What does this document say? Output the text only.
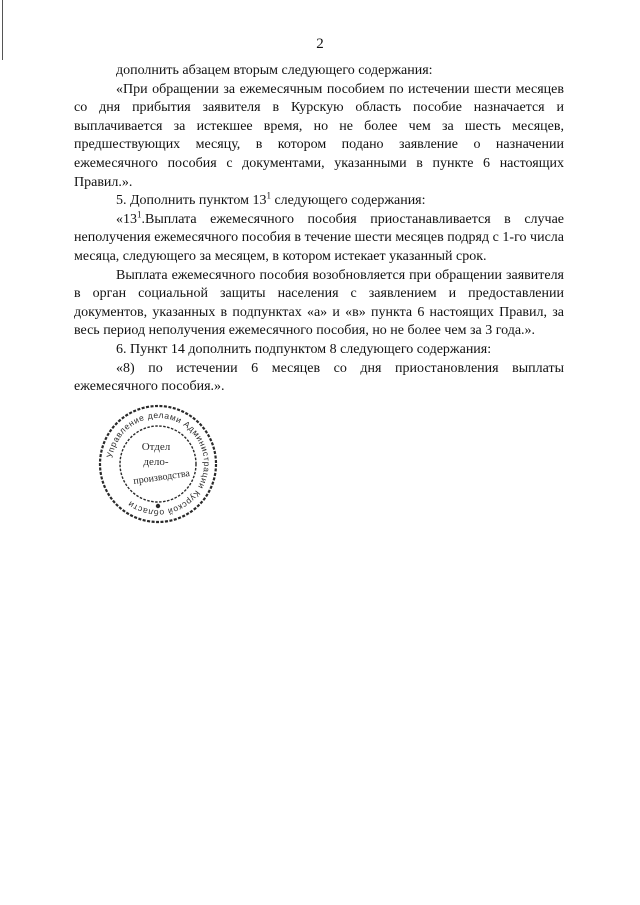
2

дополнить абзацем вторым следующего содержания:

«При обращении за ежемесячным пособием по истечении шести месяцев со дня прибытия заявителя в Курскую область пособие назначается и выплачивается за истекшее время, но не более чем за шесть месяцев, предшествующих месяцу, в котором подано заявление о назначении ежемесячного пособия с документами, указанными в пункте 6 настоящих Правил.».

5. Дополнить пунктом $13^1$ следующего содержания:

«$13^1.Выплата$ ежемесячного пособия приостанавливается в случае неполучения ежемесячного пособия в течение шести месяцев подряд с 1-го числа месяца, следующего за месяцем, в котором истекает указанный срок.

Выплата ежемесячного пособия возобновляется при обращении заявителя в орган социальной защиты населения с заявлением и предоставлении документов, указанных в подпунктах «а» и «в» пункта 6 настоящих Правил, за весь период неполучения ежемесячного пособия, но не более чем за 3 года.».

6. Пункт 14 дополнить подпунктом 8 следующего содержания:

«8) по истечении 6 месяцев со дня приостановления выплаты ежемесячного пособия.».

Управление делами Администрации Курской области
Отдел
дело-
производства
